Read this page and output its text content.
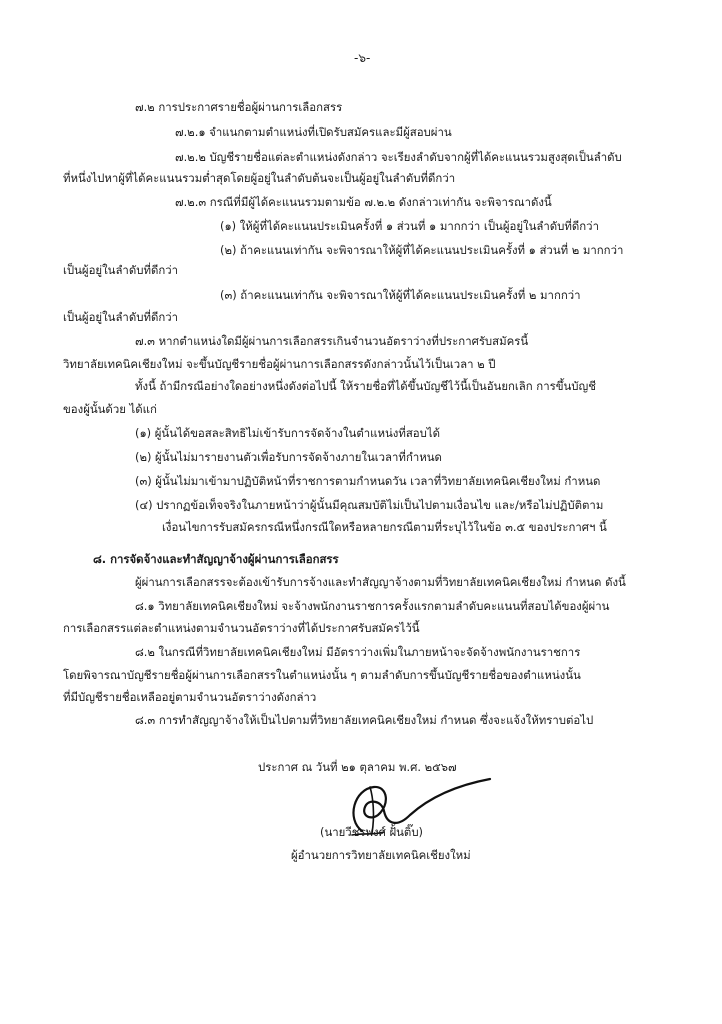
-๖-
๗.๒ การประกาศรายชื่อผู้ผ่านการเลือกสรร
๗.๒.๑ จำแนกตามตำแหน่งที่เปิดรับสมัครและมีผู้สอบผ่าน
๗.๒.๒ บัญชีรายชื่อแต่ละตำแหน่งดังกล่าว จะเรียงลำดับจากผู้ที่ได้คะแนนรวมสูงสุดเป็นลำดับ
ที่หนึ่งไปหาผู้ที่ได้คะแนนรวมต่ำสุดโดยผู้อยู่ในลำดับต้นจะเป็นผู้อยู่ในลำดับที่ดีกว่า
๗.๒.๓ กรณีที่มีผู้ได้คะแนนรวมตามข้อ ๗.๒.๒ ดังกล่าวเท่ากัน จะพิจารณาดังนี้
(๑) ให้ผู้ที่ได้คะแนนประเมินครั้งที่ ๑ ส่วนที่ ๑ มากกว่า เป็นผู้อยู่ในลำดับที่ดีกว่า
(๒) ถ้าคะแนนเท่ากัน จะพิจารณาให้ผู้ที่ได้คะแนนประเมินครั้งที่ ๑ ส่วนที่ ๒ มากกว่า
เป็นผู้อยู่ในลำดับที่ดีกว่า
(๓) ถ้าคะแนนเท่ากัน จะพิจารณาให้ผู้ที่ได้คะแนนประเมินครั้งที่ ๒ มากกว่า
เป็นผู้อยู่ในลำดับที่ดีกว่า
๗.๓ หากตำแหน่งใดมีผู้ผ่านการเลือกสรรเกินจำนวนอัตราว่างที่ประกาศรับสมัครนี้
วิทยาลัยเทคนิคเชียงใหม่ จะขึ้นบัญชีรายชื่อผู้ผ่านการเลือกสรรดังกล่าวนั้นไว้เป็นเวลา ๒ ปี
ทั้งนี้ ถ้ามีกรณีอย่างใดอย่างหนึ่งดังต่อไปนี้ ให้รายชื่อที่ได้ขึ้นบัญชีไว้นี้เป็นอันยกเลิก การขึ้นบัญชี
ของผู้นั้นด้วย ได้แก่
(๑) ผู้นั้นได้ขอสละสิทธิไม่เข้ารับการจัดจ้างในตำแหน่งที่สอบได้
(๒) ผู้นั้นไม่มารายงานตัวเพื่อรับการจัดจ้างภายในเวลาที่กำหนด
(๓) ผู้นั้นไม่มาเข้ามาปฏิบัติหน้าที่ราชการตามกำหนดวัน เวลาที่วิทยาลัยเทคนิคเชียงใหม่ กำหนด
(๔) ปรากฏข้อเท็จจริงในภายหน้าว่าผู้นั้นมีคุณสมบัติไม่เป็นไปตามเงื่อนไข และ/หรือไม่ปฏิบัติตาม
เงื่อนไขการรับสมัครกรณีหนึ่งกรณีใดหรือหลายกรณีตามที่ระบุไว้ในข้อ ๓.๕ ของประกาศฯ นี้
๘. การจัดจ้างและทำสัญญาจ้างผู้ผ่านการเลือกสรร
ผู้ผ่านการเลือกสรรจะต้องเข้ารับการจ้างและทำสัญญาจ้างตามที่วิทยาลัยเทคนิคเชียงใหม่ กำหนด ดังนี้
๘.๑ วิทยาลัยเทคนิคเชียงใหม่ จะจ้างพนักงานราชการครั้งแรกตามลำดับคะแนนที่สอบได้ของผู้ผ่าน
การเลือกสรรแต่ละตำแหน่งตามจำนวนอัตราว่างที่ได้ประกาศรับสมัครไว้นี้
๘.๒ ในกรณีที่วิทยาลัยเทคนิคเชียงใหม่ มีอัตราว่างเพิ่มในภายหน้าจะจัดจ้างพนักงานราชการ
โดยพิจารณาบัญชีรายชื่อผู้ผ่านการเลือกสรรในตำแหน่งนั้น ๆ ตามลำดับการขึ้นบัญชีรายชื่อของตำแหน่งนั้น
ที่มีบัญชีรายชื่อเหลืออยู่ตามจำนวนอัตราว่างดังกล่าว
๘.๓ การทำสัญญาจ้างให้เป็นไปตามที่วิทยาลัยเทคนิคเชียงใหม่ กำหนด ซึ่งจะแจ้งให้ทราบต่อไป
ประกาศ ณ วันที่ ๒๑ ตุลาคม พ.ศ. ๒๕๖๗
(นายวีชรพงศ์ ฝั้นติ๊บ)
ผู้อำนวยการวิทยาลัยเทคนิคเชียงใหม่
